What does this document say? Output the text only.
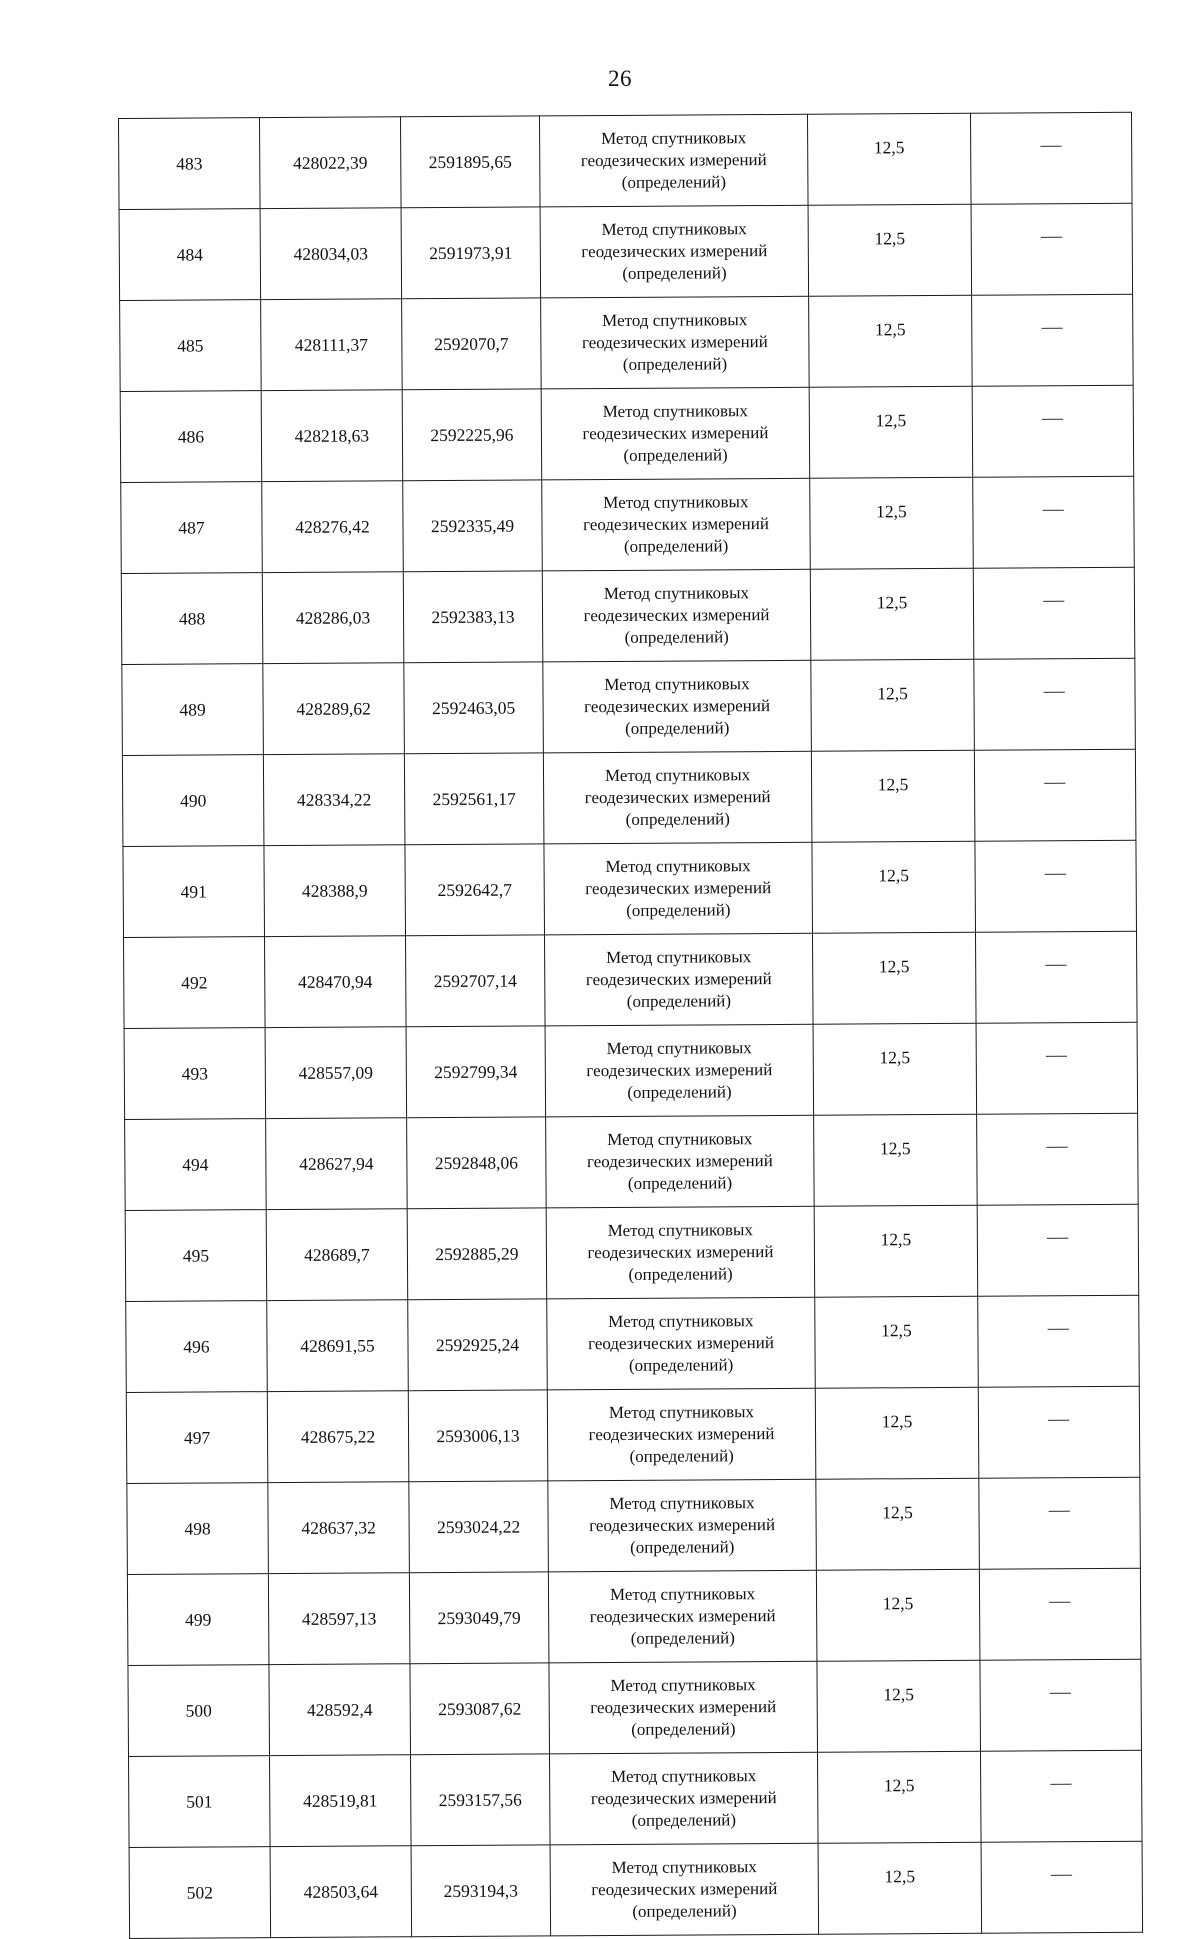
26
483	428022,39	2591895,65	Метод спутниковых
геодезических измерений
(определений)	12,5	—
484	428034,03	2591973,91	Метод спутниковых
геодезических измерений
(определений)	12,5	—
485	428111,37	2592070,7	Метод спутниковых
геодезических измерений
(определений)	12,5	—
486	428218,63	2592225,96	Метод спутниковых
геодезических измерений
(определений)	12,5	—
487	428276,42	2592335,49	Метод спутниковых
геодезических измерений
(определений)	12,5	—
488	428286,03	2592383,13	Метод спутниковых
геодезических измерений
(определений)	12,5	—
489	428289,62	2592463,05	Метод спутниковых
геодезических измерений
(определений)	12,5	—
490	428334,22	2592561,17	Метод спутниковых
геодезических измерений
(определений)	12,5	—
491	428388,9	2592642,7	Метод спутниковых
геодезических измерений
(определений)	12,5	—
492	428470,94	2592707,14	Метод спутниковых
геодезических измерений
(определений)	12,5	—
493	428557,09	2592799,34	Метод спутниковых
геодезических измерений
(определений)	12,5	—
494	428627,94	2592848,06	Метод спутниковых
геодезических измерений
(определений)	12,5	—
495	428689,7	2592885,29	Метод спутниковых
геодезических измерений
(определений)	12,5	—
496	428691,55	2592925,24	Метод спутниковых
геодезических измерений
(определений)	12,5	—
497	428675,22	2593006,13	Метод спутниковых
геодезических измерений
(определений)	12,5	—
498	428637,32	2593024,22	Метод спутниковых
геодезических измерений
(определений)	12,5	—
499	428597,13	2593049,79	Метод спутниковых
геодезических измерений
(определений)	12,5	—
500	428592,4	2593087,62	Метод спутниковых
геодезических измерений
(определений)	12,5	—
501	428519,81	2593157,56	Метод спутниковых
геодезических измерений
(определений)	12,5	—
502	428503,64	2593194,3	Метод спутниковых
геодезических измерений
(определений)	12,5	—
